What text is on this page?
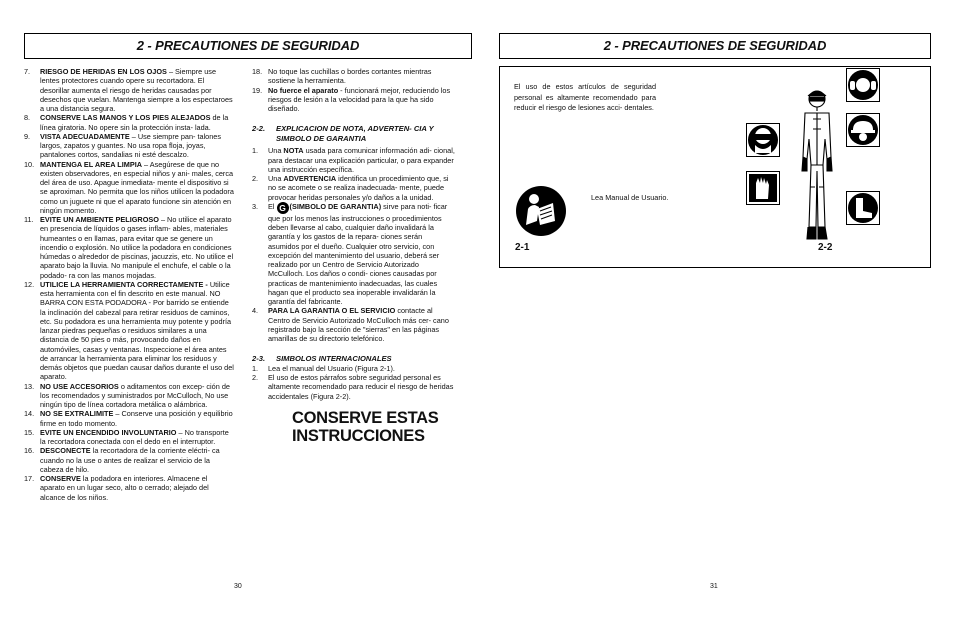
2 - PRECAUTIONES DE SEGURIDAD
7. RIESGO DE HERIDAS EN LOS OJOS – Siempre use lentes protectores cuando opere su recortadora. El desorillar aumenta el riesgo de heridas causadas por desechos que vuelan. Mantenga siempre a los espectaroes a una distancia segura.
8. CONSERVE LAS MANOS Y LOS PIES ALEJADOS de la línea giratoria. No opere sin la protección insta- lada.
9. VISTA ADECUADAMENTE – Use siempre pan- talones largos, zapatos y guantes. No usa ropa floja, joyas, pantalones cortos, sandalias ni esté descalzo.
10. MANTENGA EL AREA LIMPIA – Asegúrese de que no existen observadores, en especial niños y ani- males, cerca del área de uso. Apague inmediata- mente el dispositivo si se aproximan. No permita que los niños utilicen la podadora como un juguete ni que el aparato funcione sin atención en ningún momento.
11. EVITE UN AMBIENTE PELIGROSO – No utilice el aparato en presencia de líquidos o gases inflam- ables, materiales humeantes o en llamas, para evitar que se genere un incendio o explosión. No utilice la podadora en condiciones húmedas o alrededor de piscinas, jacuzzis, etc. No utilice el aparato bajo la lluvia. No manipule el enchufe, el cable o la podado- ra con las manos mojadas.
12. UTILICE LA HERRAMIENTA CORRECTAMENTE - Utilice esta herramienta con el fin descrito en este manual. NO BARRA CON ESTA PODADORA - Por barrido se entiende la inclinación del cabezal para retirar residuos de caminos, etc. Su podadora es una herramienta muy potente y podría lanzar piedras pequeñas o residuos similares a una distancia de 50 pies o más, provocando daños en automóviles, casas y ventanas. Inspeccione el área antes de arrancar la herramienta para eliminar los residuos y demás objetos que puedan causar daños durante el uso del aparato.
13. NO USE ACCESORIOS o aditamentos con excep- ción de los recomendados y suministrados por McCulloch, No use ningún tipo de línea cortadora metálica o alámbrica.
14. NO SE EXTRALIMITE – Conserve una posición y equilibrio firme en todo momento.
15. EVITE UN ENCENDIDO INVOLUNTARIO – No transporte la recortadora conectada con el dedo en el interruptor.
16. DESCONECTE la recortadora de la corriente eléctri- ca cuando no la use o antes de realizar el servicio de la cabeza de hilo.
17. CONSERVE la podadora en interiores. Almacene el aparato en un lugar seco, alto o cerrado; alejado del alcance de los niños.
18. No toque las cuchillas o bordes cortantes mientras sostiene la herramienta.
19. No fuerce el aparato - funcionará mejor, reduciendo los riesgos de lesión a la velocidad para la que ha sido diseñado.
2-2. EXPLICACION DE NOTA, ADVERTEN- CIA Y SIMBOLO DE GARANTIA
1. Una NOTA usada para comunicar información adi- cional, para destacar una explicación particular, o para expander una instrucción específica.
2. Una ADVERTENCIA identifica un procedimiento que, si no se acomete o se realiza inadecuada- mente, puede provocar heridas personales y/o daños a la unidad.
3. El G (SIMBOLO DE GARANTIA) sirve para noti- ficar que por los menos las instrucciones o procedimientos deben llevarse al cabo, cualquier daño invalidará la garantía y los gastos de la repara- ciones serán asumidos por el dueño. Cualquier otro servicio, con excepción del mantenimiento del usuario, deberá ser realizado por un Centro de Servicio Autorizado McCulloch. Los daños o condi- ciones causadas por practicas de mantenimiento inadecuadas, las cuales hagan que el producto sea inoperable invalidarán la garantía del fabricante.
4. PARA LA GARANTIA O EL SERVICIO contacte al Centro de Servicio Autorizado McCulloch más cer- cano registrado bajo la sección de "sierras" en las páginas amarillas de su directorio telefónico.
2-3. SIMBOLOS INTERNACIONALES
1. Lea el manual del Usuario (Figura 2-1).
2. El uso de estos párrafos sobre seguridad personal es altamente recomendado para reducir el riesgo de heridas accidentales (Figura 2-2).
CONSERVE ESTAS
INSTRUCCIONES
30
2 - PRECAUTIONES DE SEGURIDAD
El uso de estos artículos de seguridad personal es altamente recomendado para reducir el riesgo de lesiones acci- dentales.
Lea Manual de Usuario.
2-1	2-2
31
